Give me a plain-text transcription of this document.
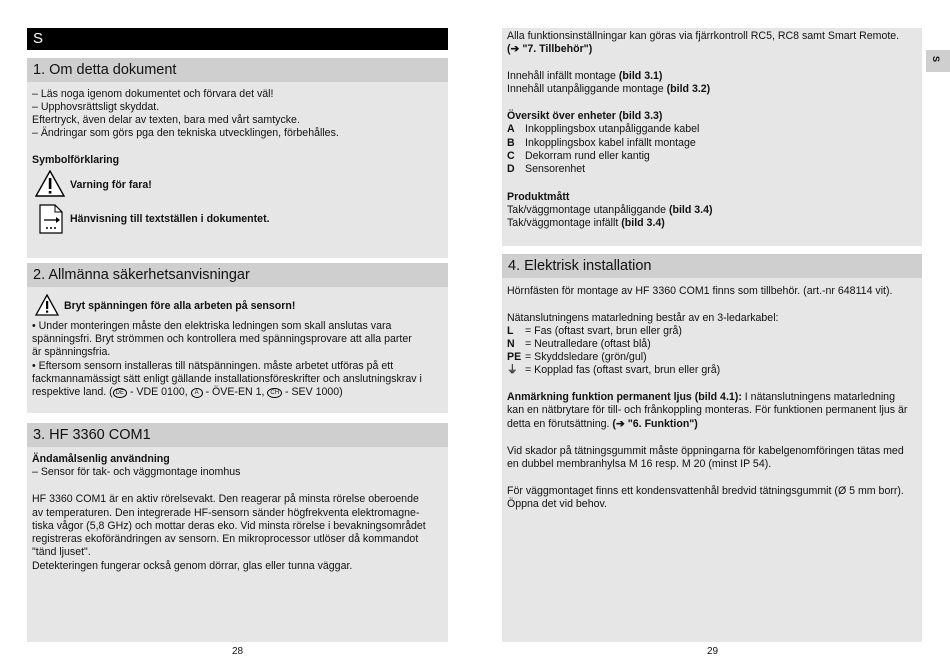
S
1. Om detta dokument
– Läs noga igenom dokumentet och förvara det väl!
– Upphovsrättsligt skyddat.
Eftertryck, även delar av texten, bara med vårt samtycke.
– Ändringar som görs pga den tekniska utvecklingen, förbehålles.
Symbolförklaring
Varning för fara!
Hänvisning till textställen i dokumentet.
2. Allmänna säkerhetsanvisningar
Bryt spänningen före alla arbeten på sensorn!
• Under monteringen måste den elektriska ledningen som skall anslutas vara
spänningsfri. Bryt strömmen och kontrollera med spänningsprovare att alla parter
är spänningsfria.
• Eftersom sensorn installeras till nätspänningen. måste arbetet utföras på ett
fackmannamässigt sätt enligt gällande installationsföreskrifter och anslutningskrav i
respektive land. ( DE - VDE 0100, A - ÖVE-EN 1, CH - SEV 1000)
3. HF 3360 COM1
Ändamålsenlig användning
– Sensor för tak- och väggmontage inomhus
HF 3360 COM1 är en aktiv rörelsevakt. Den reagerar på minsta rörelse oberoende
av temperaturen. Den integrerade HF-sensorn sänder högfrekventa elektromagne-
tiska vågor (5,8 GHz) och mottar deras eko. Vid minsta rörelse i bevakningsområdet
registreras ekoförändringen av sensorn. En mikroprocessor utlöser då kommandot
"tänd ljuset".
Detekteringen fungerar också genom dörrar, glas eller tunna väggar.
28
Alla funktionsinställningar kan göras via fjärrkontroll RC5, RC8 samt Smart Remote.
(➔ "7. Tillbehör")
Innehåll infällt montage (bild 3.1)
Innehåll utanpåliggande montage (bild 3.2)
Översikt över enheter (bild 3.3)
A Inkopplingsbox utanpåliggande kabel
B Inkopplingsbox kabel infällt montage
C Dekorram rund eller kantig
D Sensorenhet
Produktmått
Tak/väggmontage utanpåliggande (bild 3.4)
Tak/väggmontage infällt (bild 3.4)
4. Elektrisk installation
Hörnfästen för montage av HF 3360 COM1 finns som tillbehör. (art.-nr 648114 vit).
Nätanslutningens matarledning består av en 3-ledarkabel:
L = Fas (oftast svart, brun eller grå)
N = Neutralledare (oftast blå)
PE = Skyddsledare (grön/gul)
⏚ = Kopplad fas (oftast svart, brun eller grå)
Anmärkning funktion permanent ljus (bild 4.1): I nätanslutningens matarledning
kan en nätbrytare för till- och frånkoppling monteras. För funktionen permanent ljus är
detta en förutsättning. (➔ "6. Funktion")
Vid skador på tätningsgummit måste öppningarna för kabelgenomföringen tätas med
en dubbel membranhylsa M 16 resp. M 20 (minst IP 54).
För väggmontaget finns ett kondensvattenhål bredvid tätningsgummit (Ø 5 mm borr).
Öppna det vid behov.
29
S
